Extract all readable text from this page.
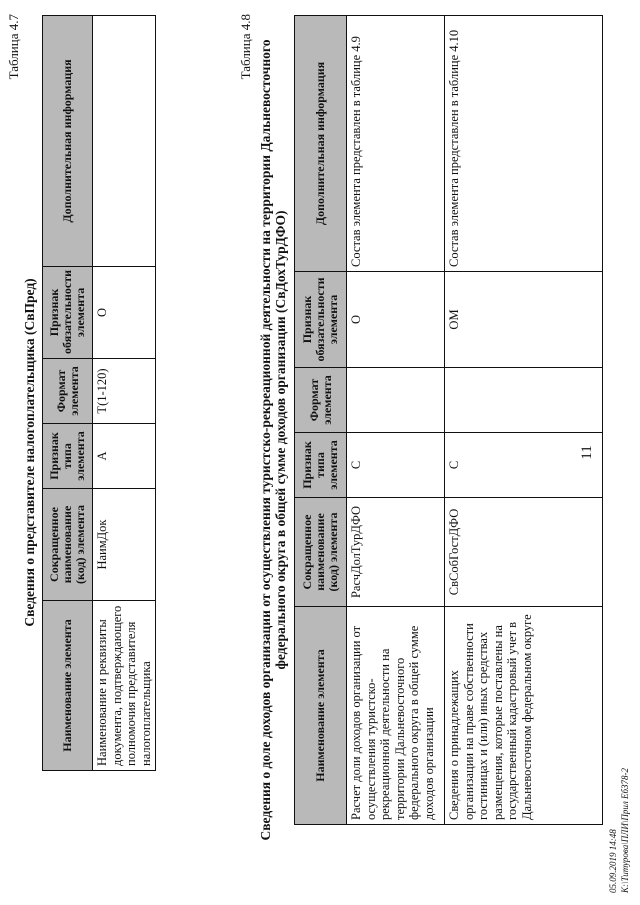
11
Таблица 4.7
Сведения о представителе налогоплательщика (СвПред)
Наименование элемента	Сокращенное наименование (код) элемента	Признак типа элемента	Формат элемента	Признак обязательности элемента	Дополнительная информация
Наименование и реквизиты документа, подтверждающего полномочия представителя налогоплательщика	НаимДок	А	T(1-120)	О	
Таблица 4.8 Сведения о доле доходов организации от осуществления туристско-рекреационной деятельности на территории Дальневосточного федерального округа в общей сумме доходов организации (СвДохТурДФО)
Наименование элемента	Сокращенное наименование (код) элемента	Признак типа элемента	Формат элемента	Признак обязательности элемента	Дополнительная информация
Расчет доли доходов организации от осуществления туристско-рекреационной деятельности на территории Дальневосточного федерального округа в общей сумме доходов организации	РасчДолТурДФО	С		О	Состав элемента представлен в таблице 4.9
Сведения о принадлежащих организации на праве собственности гостиницах и (или) иных средствах размещения, которые поставлены на государственный кадастровый учет в Дальневосточном федеральном округе	СвСобГостДФО	С		ОМ	Состав элемента представлен в таблице 4.10
05.09.2019 14:48 К:\Титурова\ПЛИ\Прил ЕбЗ78-2
